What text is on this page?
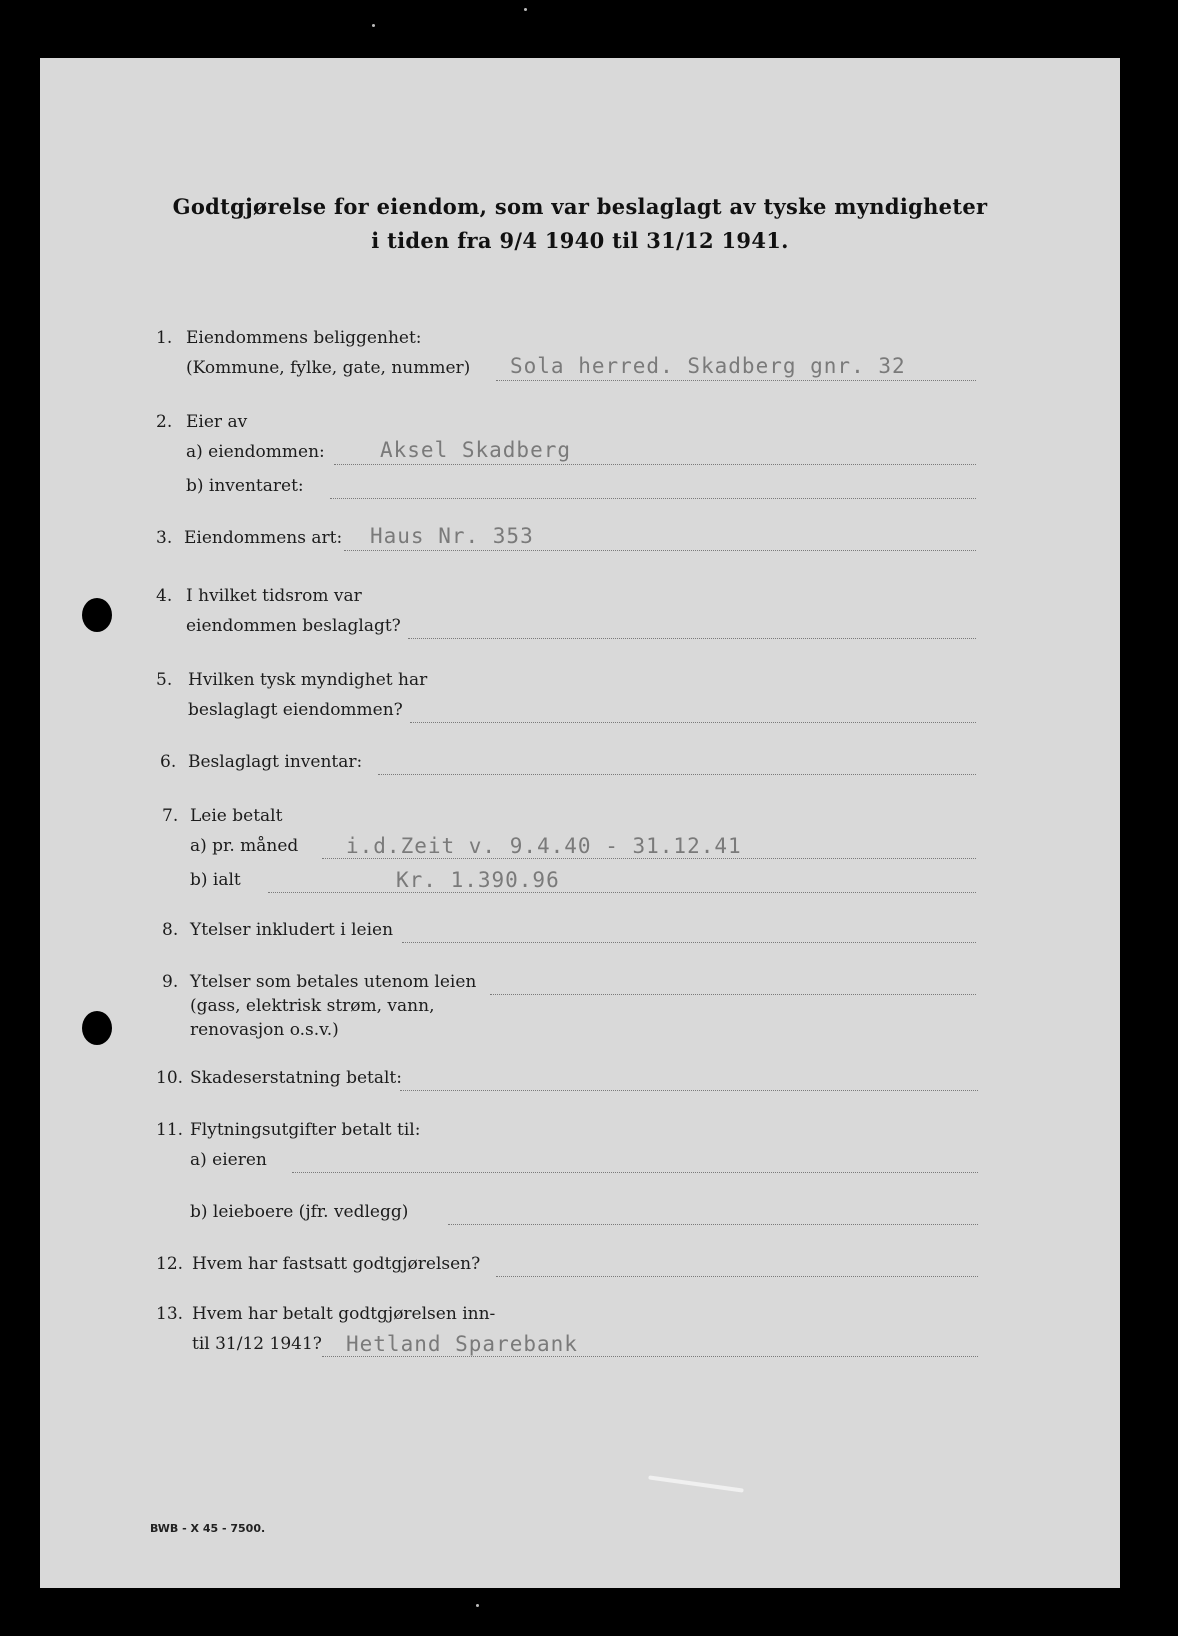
Godtgjørelse for eiendom, som var beslaglagt av tyske myndigheter
i tiden fra 9/4 1940 til 31/12 1941.
1. Eiendommens beliggenhet:
(Kommune, fylke, gate, nummer) Sola herred. Skadberg gnr. 32
2. Eier av
a) eiendommen:	Aksel Skadberg
b) inventaret:
3. Eiendommens art: Haus Nr. 353
4. I hvilket tidsrom var
eiendommen beslaglagt?
5. Hvilken tysk myndighet har
beslaglagt eiendommen?
6. Beslaglagt inventar:
7. Leie betalt
a) pr. måned i.d.Zeit v. 9.4.40 - 31.12.41
b) ialt	Kr. 1.390.96
8. Ytelser inkludert i leien
9. Ytelser som betales utenom leien
(gass, elektrisk strøm, vann,
renovasjon o.s.v.)
10. Skadeserstatning betalt:
11. Flytningsutgifter betalt til:
a) eieren
b) leieboere (jfr. vedlegg)
12. Hvem har fastsatt godtgjørelsen?
13. Hvem har betalt godtgjørelsen inn-
til 31/12 1941? Hetland Sparebank
BWB - X 45 - 7500.
